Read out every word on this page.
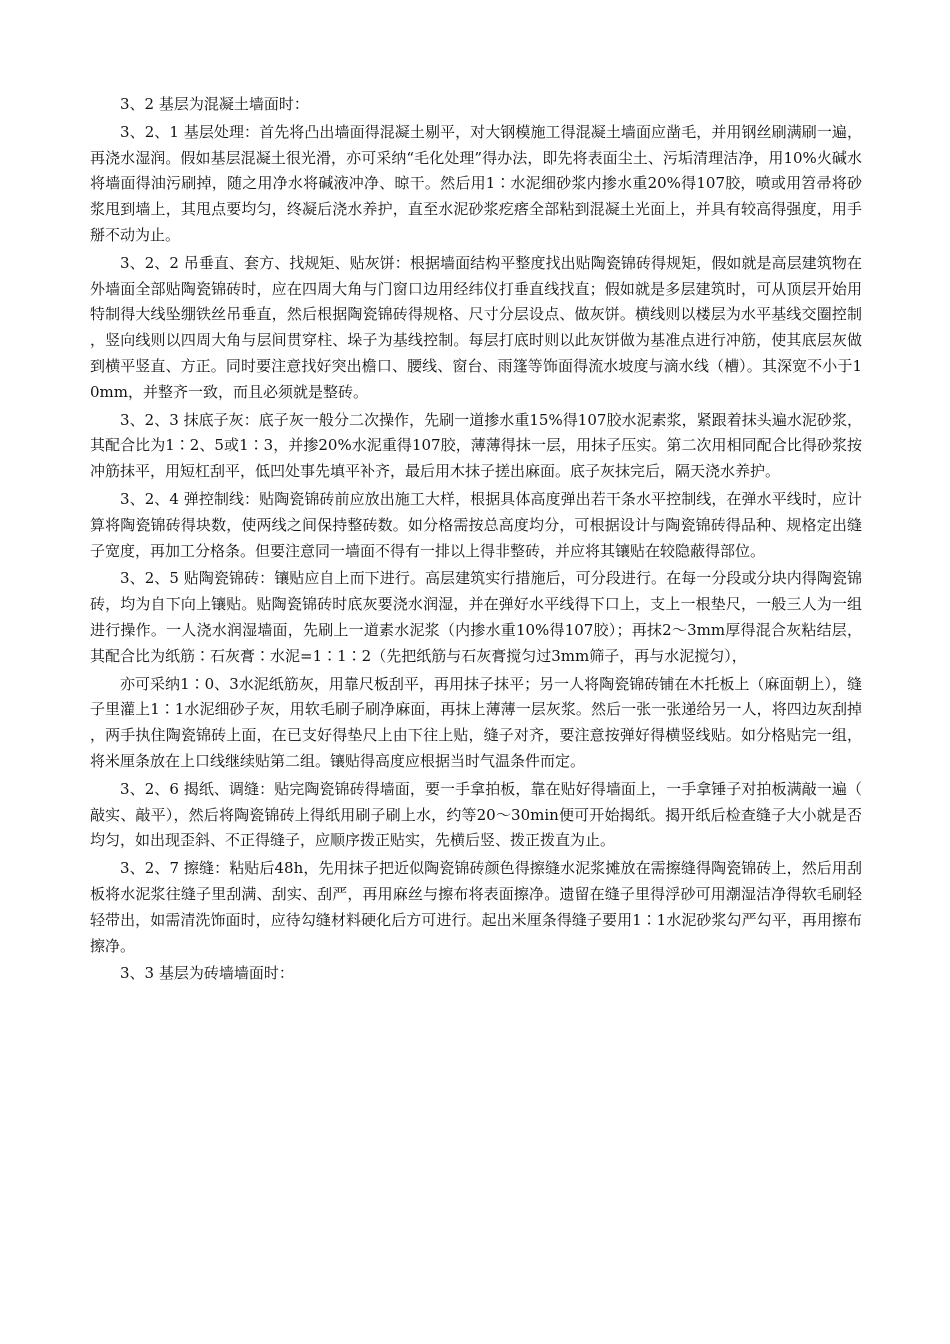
3、2 基层为混凝土墙面时：

3、2、1 基层处理：首先将凸出墙面得混凝土剔平，对大钢模施工得混凝土墙面应凿毛，并用钢丝刷满刷一遍，再浇水湿润。假如基层混凝土很光滑，亦可采纳“毛化处理”得办法，即先将表面尘土、污垢清理洁净，用10%火碱水将墙面得油污刷掉，随之用净水将碱液冲净、晾干。然后用1∶水泥细砂浆内掺水重20%得107胶，喷或用笤帚将砂浆甩到墙上，其甩点要均匀，终凝后浇水养护，直至水泥砂浆疙瘩全部粘到混凝土光面上，并具有较高得强度，用手掰不动为止。

3、2、2 吊垂直、套方、找规矩、贴灰饼：根据墙面结构平整度找出贴陶瓷锦砖得规矩，假如就是高层建筑物在外墙面全部贴陶瓷锦砖时，应在四周大角与门窗口边用经纬仪打垂直线找直；假如就是多层建筑时，可从顶层开始用特制得大线坠绷铁丝吊垂直，然后根据陶瓷锦砖得规格、尺寸分层设点、做灰饼。横线则以楼层为水平基线交圈控制，竖向线则以四周大角与层间贯穿柱、垛子为基线控制。每层打底时则以此灰饼做为基准点进行冲筋，使其底层灰做到横平竖直、方正。同时要注意找好突出檐口、腰线、窗台、雨篷等饰面得流水坡度与滴水线（槽）。其深宽不小于10mm，并整齐一致，而且必须就是整砖。

3、2、3 抹底子灰：底子灰一般分二次操作，先刷一道掺水重15%得107胶水泥素浆，紧跟着抹头遍水泥砂浆，其配合比为1∶2、5或1∶3，并掺20%水泥重得107胶，薄薄得抹一层，用抹子压实。第二次用相同配合比得砂浆按冲筋抹平，用短杠刮平，低凹处事先填平补齐，最后用木抹子搓出麻面。底子灰抹完后，隔天浇水养护。

3、2、4 弹控制线：贴陶瓷锦砖前应放出施工大样，根据具体高度弹出若干条水平控制线，在弹水平线时，应计算将陶瓷锦砖得块数，使两线之间保持整砖数。如分格需按总高度均分，可根据设计与陶瓷锦砖得品种、规格定出缝子宽度，再加工分格条。但要注意同一墙面不得有一排以上得非整砖，并应将其镶贴在较隐蔽得部位。

3、2、5 贴陶瓷锦砖：镶贴应自上而下进行。高层建筑实行措施后，可分段进行。在每一分段或分块内得陶瓷锦砖，均为自下向上镶贴。贴陶瓷锦砖时底灰要浇水润湿，并在弹好水平线得下口上，支上一根垫尺，一般三人为一组进行操作。一人浇水润湿墙面，先刷上一道素水泥浆（内掺水重10%得107胶）；再抹2～3mm厚得混合灰粘结层，其配合比为纸筋∶石灰膏∶水泥=1∶1∶2（先把纸筋与石灰膏搅匀过3mm筛子，再与水泥搅匀），

亦可采纳1∶0、3水泥纸筋灰，用靠尺板刮平，再用抹子抹平；另一人将陶瓷锦砖铺在木托板上（麻面朝上），缝子里灌上1∶1水泥细砂子灰，用软毛刷子刷净麻面，再抹上薄薄一层灰浆。然后一张一张递给另一人，将四边灰刮掉，两手执住陶瓷锦砖上面，在已支好得垫尺上由下往上贴，缝子对齐，要注意按弹好得横竖线贴。如分格贴完一组，将米厘条放在上口线继续贴第二组。镶贴得高度应根据当时气温条件而定。

3、2、6 揭纸、调缝：贴完陶瓷锦砖得墙面，要一手拿拍板，靠在贴好得墙面上，一手拿锤子对拍板满敲一遍（敲实、敲平），然后将陶瓷锦砖上得纸用刷子刷上水，约等20～30min便可开始揭纸。揭开纸后检查缝子大小就是否均匀，如出现歪斜、不正得缝子，应顺序拨正贴实，先横后竖、拨正拨直为止。

3、2、7 擦缝：粘贴后48h，先用抹子把近似陶瓷锦砖颜色得擦缝水泥浆摊放在需擦缝得陶瓷锦砖上，然后用刮板将水泥浆往缝子里刮满、刮实、刮严，再用麻丝与擦布将表面擦净。遗留在缝子里得浮砂可用潮湿洁净得软毛刷轻轻带出，如需清洗饰面时，应待勾缝材料硬化后方可进行。起出米厘条得缝子要用1∶1水泥砂浆勾严勾平，再用擦布擦净。

3、3 基层为砖墙墙面时：
